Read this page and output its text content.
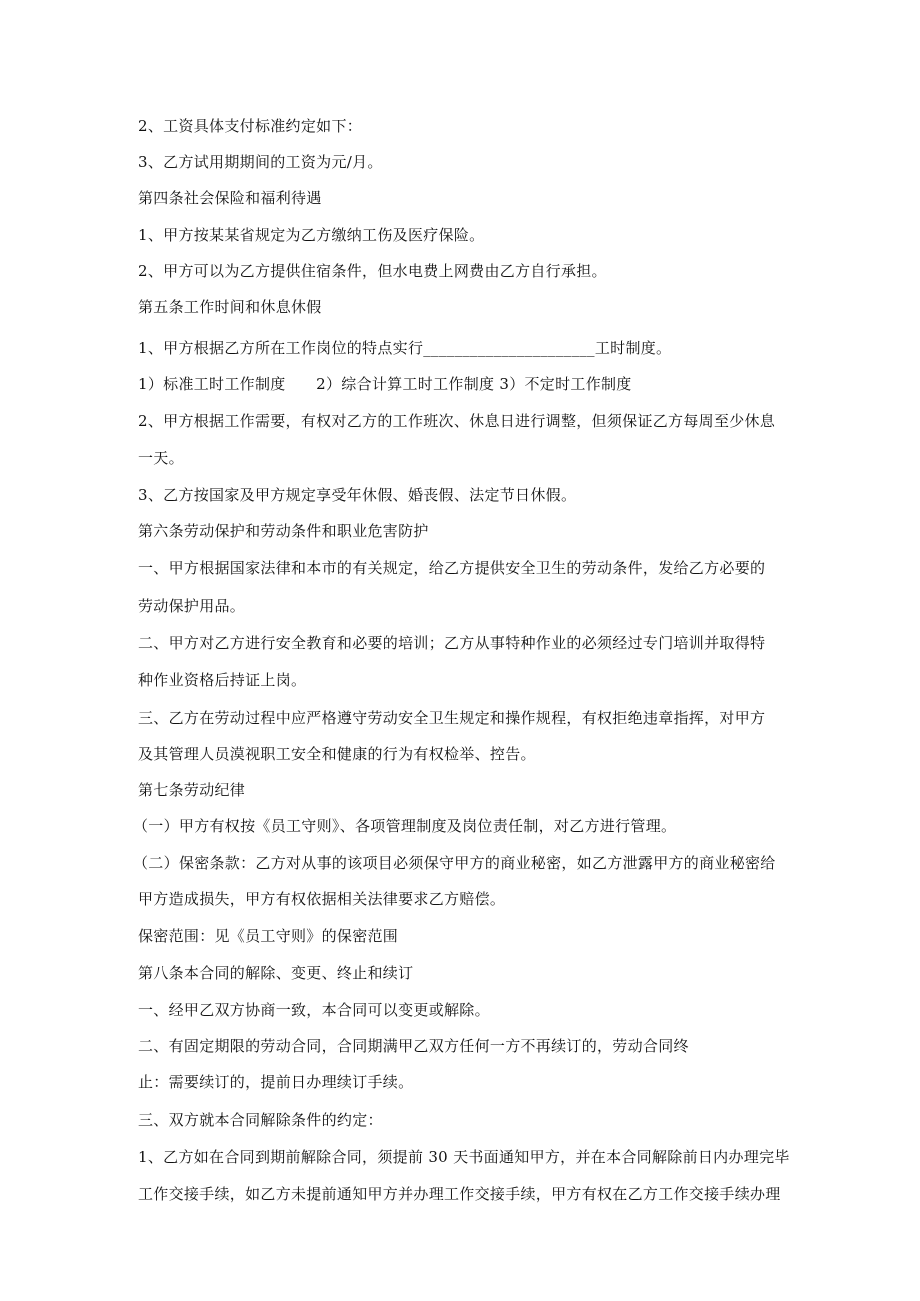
2、工资具体支付标准约定如下：
3、乙方试用期期间的工资为元/月。
第四条社会保险和福利待遇
1、甲方按某某省规定为乙方缴纳工伤及医疗保险。
2、甲方可以为乙方提供住宿条件，但水电费上网费由乙方自行承担。
第五条工作时间和休息休假
1、甲方根据乙方所在工作岗位的特点实行______________________工时制度。
1）标准工时工作制度　　2）综合计算工时工作制度 3）不定时工作制度
2、甲方根据工作需要，有权对乙方的工作班次、休息日进行调整，但须保证乙方每周至少休息
一天。
3、乙方按国家及甲方规定享受年休假、婚丧假、法定节日休假。
第六条劳动保护和劳动条件和职业危害防护
一、甲方根据国家法律和本市的有关规定，给乙方提供安全卫生的劳动条件，发给乙方必要的
劳动保护用品。
二、甲方对乙方进行安全教育和必要的培训；乙方从事特种作业的必须经过专门培训并取得特
种作业资格后持证上岗。
三、乙方在劳动过程中应严格遵守劳动安全卫生规定和操作规程，有权拒绝违章指挥，对甲方
及其管理人员漠视职工安全和健康的行为有权检举、控告。
第七条劳动纪律
（一）甲方有权按《员工守则》、各项管理制度及岗位责任制，对乙方进行管理。
（二）保密条款：乙方对从事的该项目必须保守甲方的商业秘密，如乙方泄露甲方的商业秘密给
甲方造成损失，甲方有权依据相关法律要求乙方赔偿。
保密范围：见《员工守则》的保密范围
第八条本合同的解除、变更、终止和续订
一、经甲乙双方协商一致，本合同可以变更或解除。
二、有固定期限的劳动合同，合同期满甲乙双方任何一方不再续订的，劳动合同终
止：需要续订的，提前日办理续订手续。
三、双方就本合同解除条件的约定：
1、乙方如在合同到期前解除合同，须提前 30 天书面通知甲方，并在本合同解除前日内办理完毕
工作交接手续，如乙方未提前通知甲方并办理工作交接手续，甲方有权在乙方工作交接手续办理
